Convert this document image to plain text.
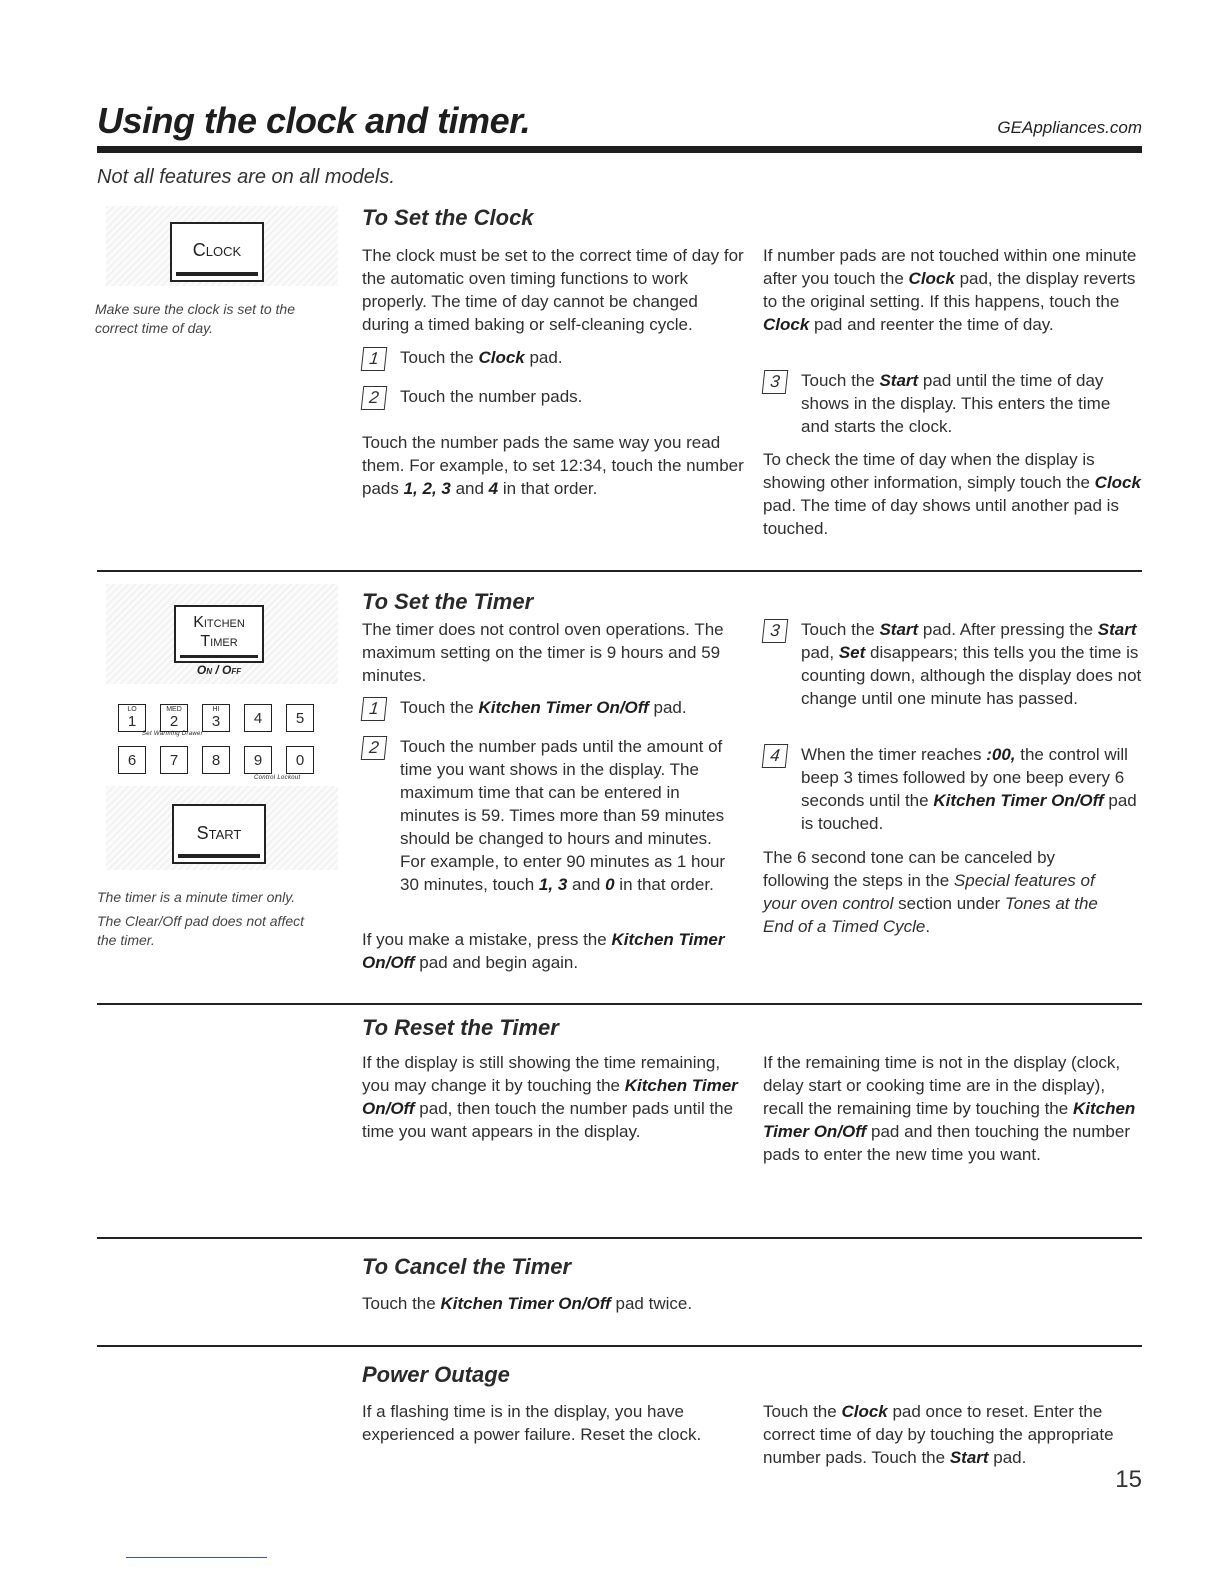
Using the clock and timer.	GEAppliances.com
Not all features are on all models.
Clock
Make sure the clock is set to the correct time of day.
To Set the Clock
The clock must be set to the correct time of day for the automatic oven timing functions to work properly. The time of day cannot be changed during a timed baking or self-cleaning cycle.
1	Touch the Clock pad.
2	Touch the number pads.
Touch the number pads the same way you read them. For example, to set 12:34, touch the number pads 1, 2, 3 and 4 in that order.
If number pads are not touched within one minute after you touch the Clock pad, the display reverts to the original setting. If this happens, touch the Clock pad and reenter the time of day.
3	Touch the Start pad until the time of day shows in the display. This enters the time and starts the clock.
To check the time of day when the display is showing other information, simply touch the Clock pad. The time of day shows until another pad is touched.
Kitchen
Timer
On / Off
LO
1
MED
2
HI
3	4	5
Set Warming Drawer
6	7	8	9	0
Control Lockout
Start
The timer is a minute timer only.
The Clear/Off pad does not affect the timer.
To Set the Timer
The timer does not control oven operations. The maximum setting on the timer is 9 hours and 59 minutes.
1	Touch the Kitchen Timer On/Off pad.
2	Touch the number pads until the amount of time you want shows in the display. The maximum time that can be entered in minutes is 59. Times more than 59 minutes should be changed to hours and minutes. For example, to enter 90 minutes as 1 hour 30 minutes, touch 1, 3 and 0 in that order.
If you make a mistake, press the Kitchen Timer On/Off pad and begin again.
3	Touch the Start pad. After pressing the Start pad, Set disappears; this tells you the time is counting down, although the display does not change until one minute has passed.
4	When the timer reaches :00, the control will beep 3 times followed by one beep every 6 seconds until the Kitchen Timer On/Off pad is touched.
The 6 second tone can be canceled by following the steps in the Special features of your oven control section under Tones at the End of a Timed Cycle.
To Reset the Timer
If the display is still showing the time remaining, you may change it by touching the Kitchen Timer On/Off pad, then touch the number pads until the time you want appears in the display.
If the remaining time is not in the display (clock, delay start or cooking time are in the display), recall the remaining time by touching the Kitchen Timer On/Off pad and then touching the number pads to enter the new time you want.
To Cancel the Timer
Touch the Kitchen Timer On/Off pad twice.
Power Outage
If a flashing time is in the display, you have experienced a power failure. Reset the clock.
Touch the Clock pad once to reset. Enter the correct time of day by touching the appropriate number pads. Touch the Start pad.
15
